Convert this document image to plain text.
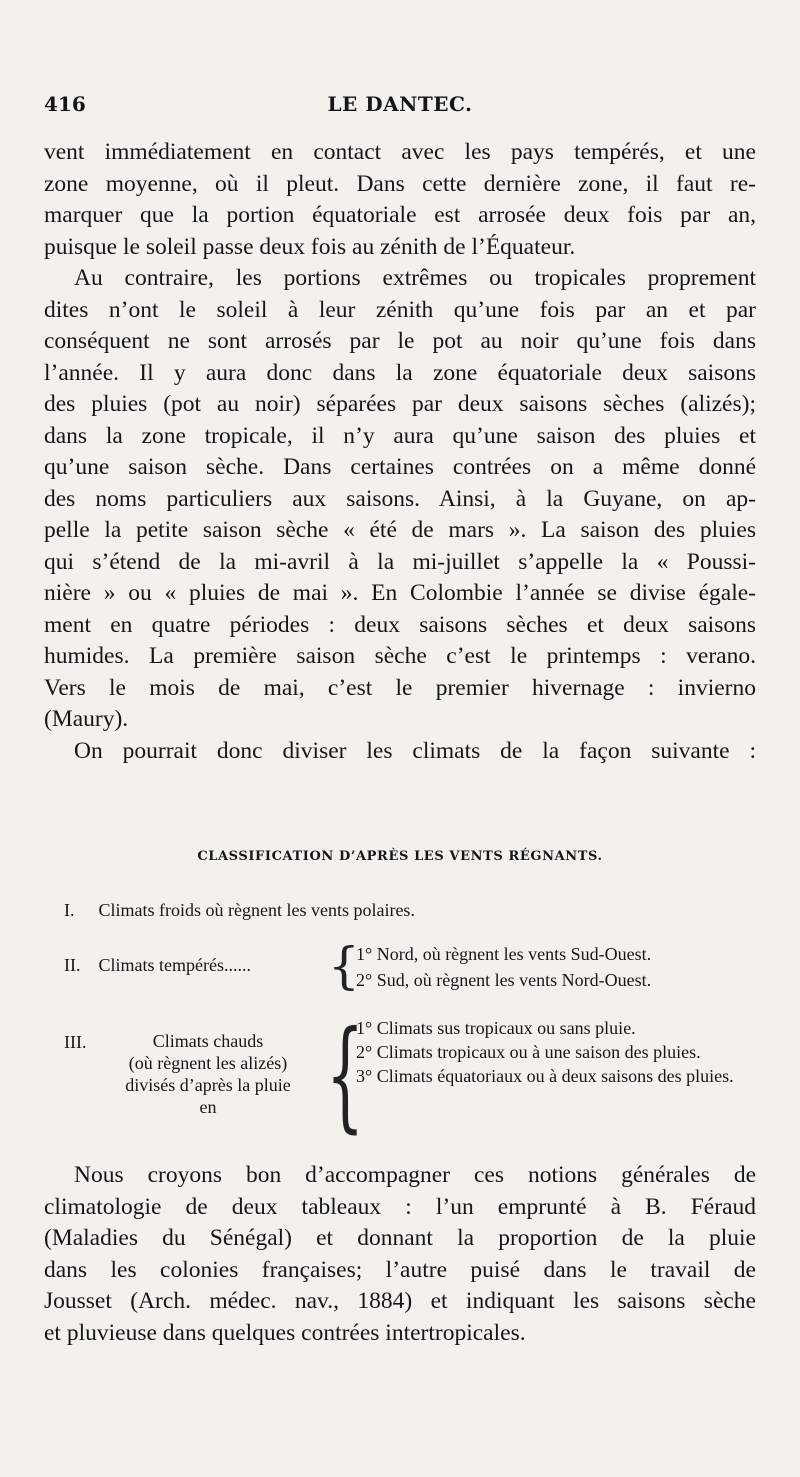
416	LE DANTEC.
vent immédiatement en contact avec les pays tempérés, et une
zone moyenne, où il pleut. Dans cette dernière zone, il faut re-
marquer que la portion équatoriale est arrosée deux fois par an,
puisque le soleil passe deux fois au zénith de l’Équateur.
Au contraire, les portions extrêmes ou tropicales proprement
dites n’ont le soleil à leur zénith qu’une fois par an et par
conséquent ne sont arrosés par le pot au noir qu’une fois dans
l’année. Il y aura donc dans la zone équatoriale deux saisons
des pluies (pot au noir) séparées par deux saisons sèches (alizés);
dans la zone tropicale, il n’y aura qu’une saison des pluies et
qu’une saison sèche. Dans certaines contrées on a même donné
des noms particuliers aux saisons. Ainsi, à la Guyane, on ap-
pelle la petite saison sèche « été de mars ». La saison des pluies
qui s’étend de la mi-avril à la mi-juillet s’appelle la « Poussi-
nière » ou « pluies de mai ». En Colombie l’année se divise égale-
ment en quatre périodes : deux saisons sèches et deux saisons
humides. La première saison sèche c’est le printemps : verano.
Vers le mois de mai, c’est le premier hivernage : invierno
(Maury).
On pourrait donc diviser les climats de la façon suivante :
CLASSIFICATION D’APRÈS LES VENTS RÉGNANTS.
I. Climats froids où règnent les vents polaires.
II. Climats tempérés...... {
1° Nord, où règnent les vents Sud-Ouest.
2° Sud, où règnent les vents Nord-Ouest.
III.	Climats chauds
(où règnent les alizés)
divisés d’après la pluie
en {
1° Climats sus tropicaux ou sans pluie.
2° Climats tropicaux ou à une saison des pluies.
3° Climats équatoriaux ou à deux saisons des pluies.
Nous croyons bon d’accompagner ces notions générales de
climatologie de deux tableaux : l’un emprunté à B. Féraud
(Maladies du Sénégal) et donnant la proportion de la pluie
dans les colonies françaises; l’autre puisé dans le travail de
Jousset (Arch. médec. nav., 1884) et indiquant les saisons sèche
et pluvieuse dans quelques contrées intertropicales.
